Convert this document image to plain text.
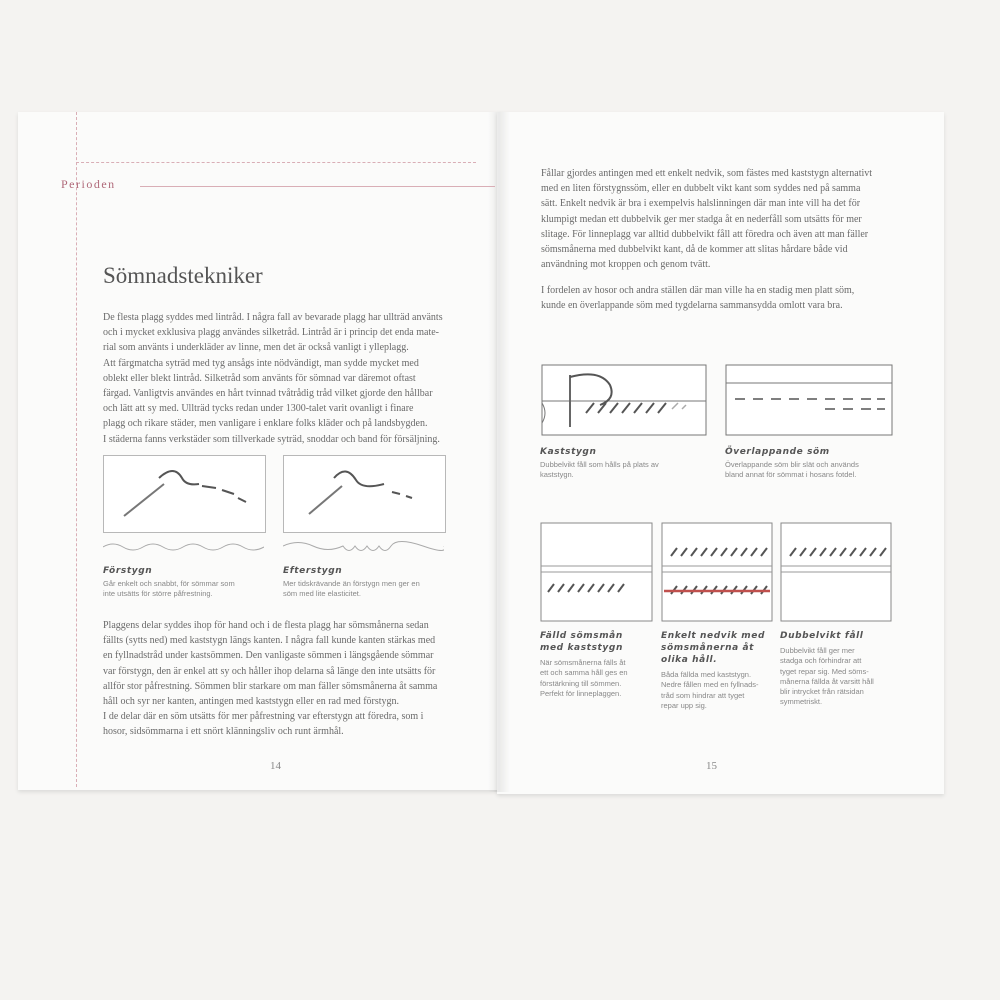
Perioden
Sömnadstekniker

De flesta plagg syddes med lintråd. I några fall av bevarade plagg har ullträd använts
och i mycket exklusiva plagg användes silketråd. Lintråd är i princip det enda mate-
rial som använts i underkläder av linne, men det är också vanligt i ylleplagg.
Att färgmatcha syträd med tyg ansågs inte nödvändigt, man sydde mycket med
oblekt eller blekt lintråd. Silketråd som använts för sömnad var däremot oftast
färgad. Vanligtvis användes en hårt tvinnad tvåtrådig tråd vilket gjorde den hållbar
och lätt att sy med. Ullträd tycks redan under 1300-talet varit ovanligt i finare
plagg och rikare städer, men vanligare i enklare folks kläder och på landsbygden.
I städerna fanns verkstäder som tillverkade syträd, snoddar och band för försäljning.

Förstygn
Går enkelt och snabbt, för sömmar som
inte utsätts för större påfrestning.
Efterstygn
Mer tidskrävande än förstygn men ger en
söm med lite elasticitet.

Plaggens delar syddes ihop för hand och i de flesta plagg har sömsmånerna sedan
fällts (sytts ned) med kaststygn längs kanten. I några fall kunde kanten stärkas med
en fyllnadstråd under kastsömmen. Den vanligaste sömmen i längsgående sömmar
var förstygn, den är enkel att sy och håller ihop delarna så länge den inte utsätts för
allför stor påfrestning. Sömmen blir starkare om man fäller sömsmånerna åt samma
håll och syr ner kanten, antingen med kaststygn eller en rad med förstygn.
I de delar där en söm utsätts för mer påfrestning var efterstygn att föredra, som i
hosor, sidsömmarna i ett snört klänningsliv och runt ärmhål.

14

Fållar gjordes antingen med ett enkelt nedvik, som fästes med kaststygn alternativt
med en liten förstygnssöm, eller en dubbelt vikt kant som syddes ned på samma
sätt. Enkelt nedvik är bra i exempelvis halslinningen där man inte vill ha det för
klumpigt medan ett dubbelvik ger mer stadga åt en nederfåll som utsätts för mer
slitage. För linneplagg var alltid dubbelvikt fåll att föredra och även att man fäller
sömsmånerna med dubbelvikt kant, då de kommer att slitas hårdare både vid
användning mot kroppen och genom tvätt.

I fordelen av hosor och andra ställen där man ville ha en stadig men platt söm,
kunde en överlappande söm med tygdelarna sammansydda omlott vara bra.

Kaststygn
Dubbelvikt fåll som hålls på plats av
kaststygn.
Överlappande söm
Överlappande söm blir slät och används
bland annat för sömmat i hosans fotdel.
Fälld sömsmån
med kaststygn
När sömsmånerna fälls åt
ett och samma håll ges en
förstärkning till sömmen.
Perfekt för linneplaggen.
Enkelt nedvik med
sömsmånerna åt
olika håll.
Båda fällda med kaststygn.
Nedre fållen med en fyllnads-
tråd som hindrar att tyget
repar upp sig.
Dubbelvikt fåll
Dubbelvikt fåll ger mer
stadga och förhindrar att
tyget repar sig. Med söms-
månerna fällda åt varsitt håll
blir intrycket från rätsidan
symmetriskt.
15
